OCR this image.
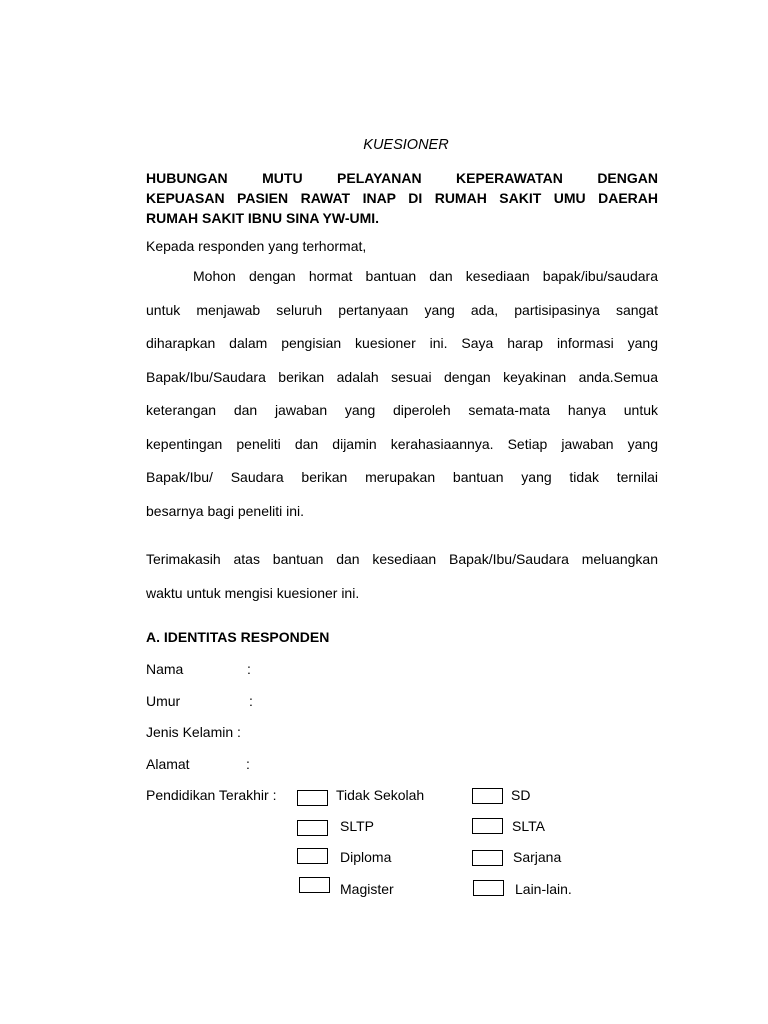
KUESIONER
HUBUNGAN MUTU PELAYANAN KEPERAWATAN DENGAN
KEPUASAN PASIEN RAWAT INAP DI RUMAH SAKIT UMU DAERAH
RUMAH SAKIT IBNU SINA YW-UMI.
Kepada responden yang terhormat,
Mohon dengan hormat bantuan dan kesediaan bapak/ibu/saudara
untuk menjawab seluruh pertanyaan yang ada, partisipasinya sangat
diharapkan dalam pengisian kuesioner ini. Saya harap informasi yang
Bapak/Ibu/Saudara berikan adalah sesuai dengan keyakinan anda.Semua
keterangan dan jawaban yang diperoleh semata-mata hanya untuk
kepentingan peneliti dan dijamin kerahasiaannya. Setiap jawaban yang
Bapak/Ibu/ Saudara berikan merupakan bantuan yang tidak ternilai
besarnya bagi peneliti ini.
Terimakasih atas bantuan dan kesediaan Bapak/Ibu/Saudara meluangkan
waktu untuk mengisi kuesioner ini.
A. IDENTITAS RESPONDEN
Nama	:
Umur	:
Jenis Kelamin :
Alamat	:
Pendidikan Terakhir :	Tidak Sekolah	SD
SLTP	SLTA
Diploma	Sarjana
Magister	Lain-lain.
